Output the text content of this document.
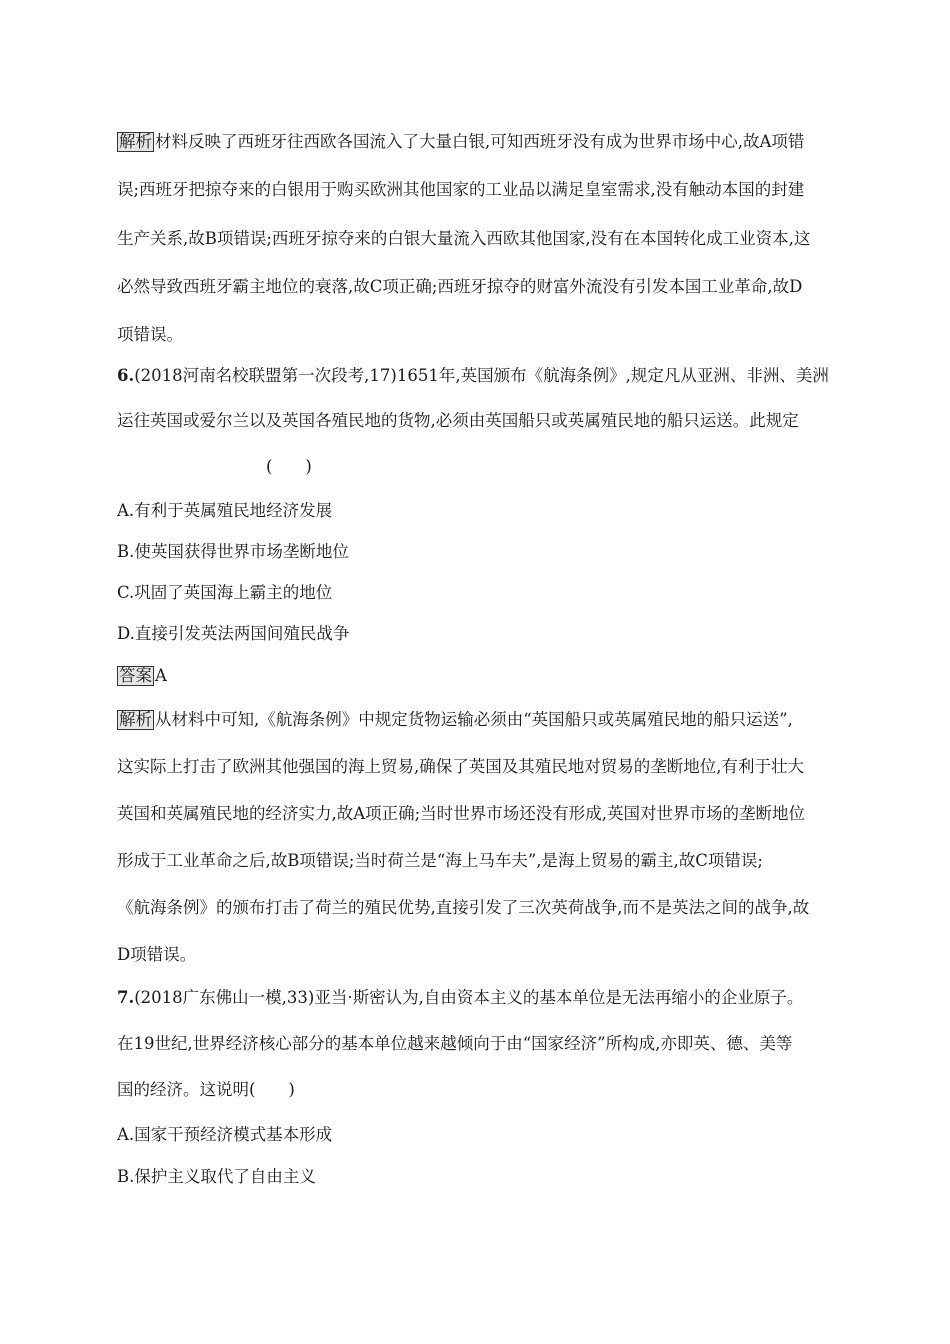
解析 材料反映了西班牙往西欧各国流入了大量白银,可知西班牙没有成为世界市场中心,故A项错
误;西班牙把掠夺来的白银用于购买欧洲其他国家的工业品以满足皇室需求,没有触动本国的封建
生产关系,故B项错误;西班牙掠夺来的白银大量流入西欧其他国家,没有在本国转化成工业资本,这
必然导致西班牙霸主地位的衰落,故C项正确;西班牙掠夺的财富外流没有引发本国工业革命,故D
项错误。
6.(2018河南名校联盟第一次段考,17)1651年,英国颁布《航海条例》,规定凡从亚洲、非洲、美洲
运往英国或爱尔兰以及英国各殖民地的货物,必须由英国船只或英属殖民地的船只运送。此规定
(　　)
A.有利于英属殖民地经济发展
B.使英国获得世界市场垄断地位
C.巩固了英国海上霸主的地位
D.直接引发英法两国间殖民战争
答案 A
解析 从材料中可知,《航海条例》中规定货物运输必须由“英国船只或英属殖民地的船只运送”,
这实际上打击了欧洲其他强国的海上贸易,确保了英国及其殖民地对贸易的垄断地位,有利于壮大
英国和英属殖民地的经济实力,故A项正确;当时世界市场还没有形成,英国对世界市场的垄断地位
形成于工业革命之后,故B项错误;当时荷兰是“海上马车夫”,是海上贸易的霸主,故C项错误;
《航海条例》的颁布打击了荷兰的殖民优势,直接引发了三次英荷战争,而不是英法之间的战争,故
D项错误。
7.(2018广东佛山一模,33)亚当·斯密认为,自由资本主义的基本单位是无法再缩小的企业原子。
在19世纪,世界经济核心部分的基本单位越来越倾向于由“国家经济”所构成,亦即英、德、美等
国的经济。这说明(　　)
A.国家干预经济模式基本形成
B.保护主义取代了自由主义
